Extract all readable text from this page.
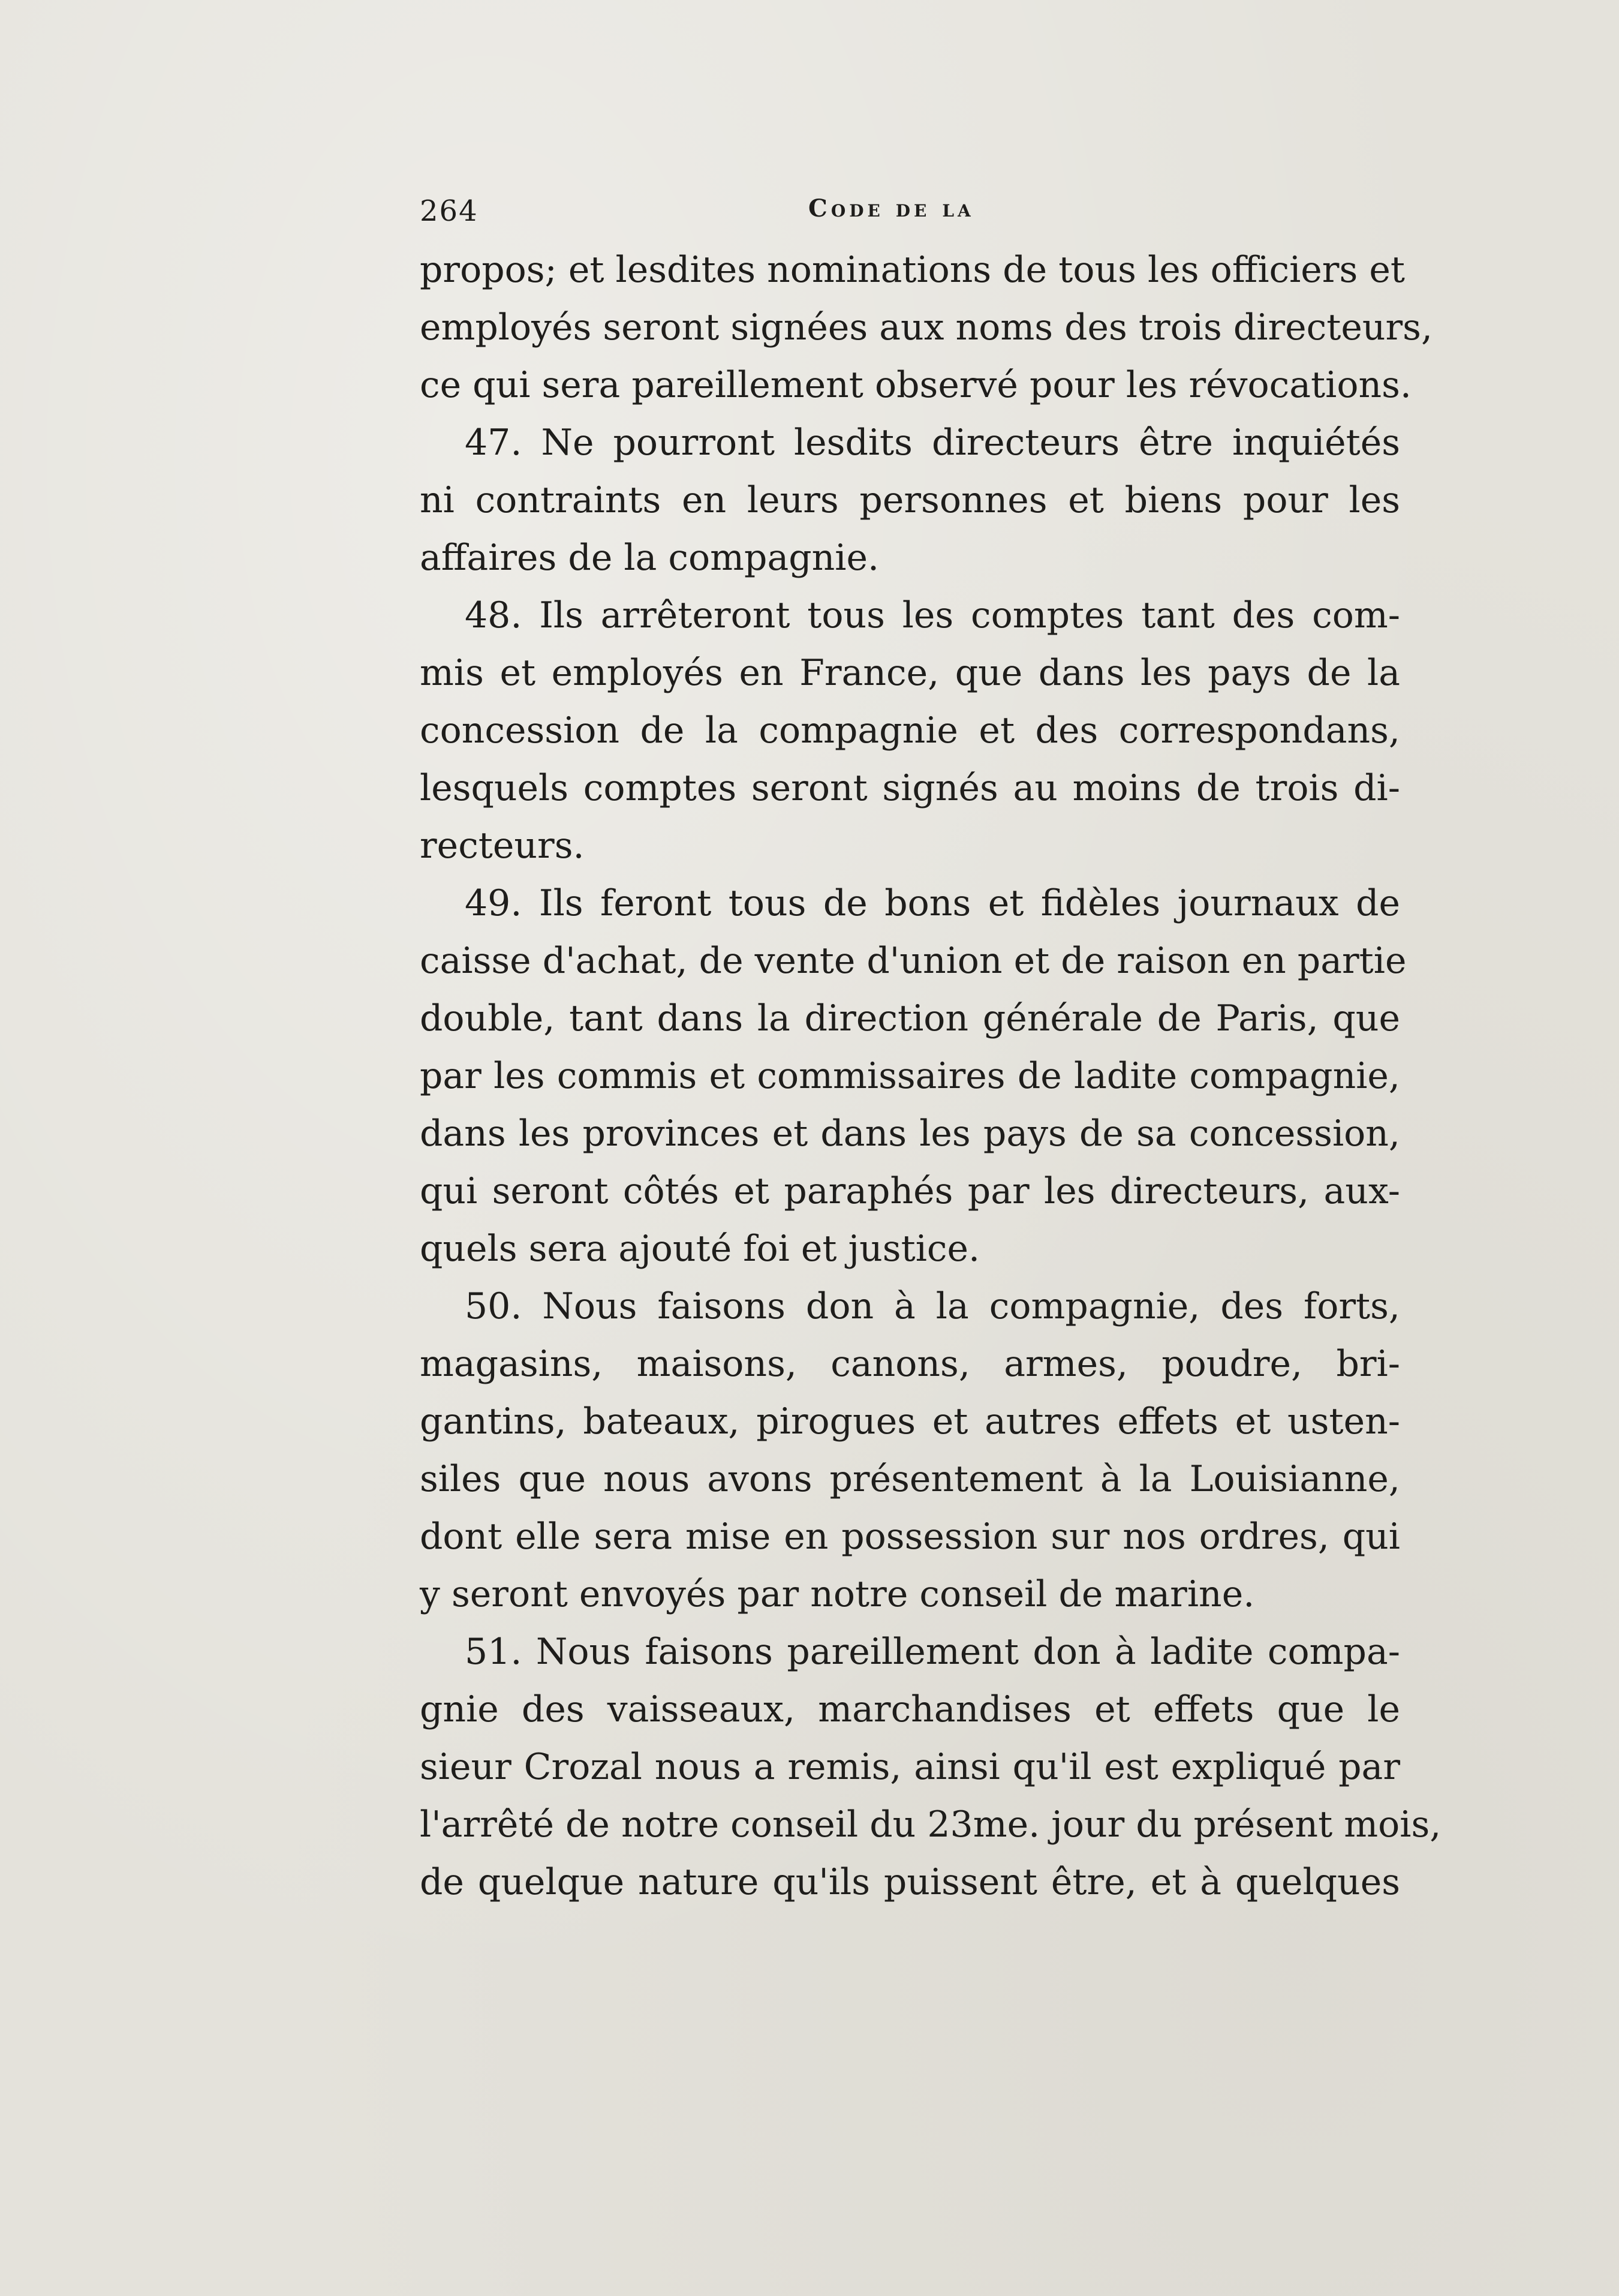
264	Code de la
propos; et lesdites nominations de tous les officiers et
employés seront signées aux noms des trois directeurs,
ce qui sera pareillement observé pour les révocations.
47. Ne pourront lesdits directeurs être inquiétés
ni contraints en leurs personnes et biens pour les
affaires de la compagnie.
48. Ils arrêteront tous les comptes tant des com-
mis et employés en France, que dans les pays de la
concession de la compagnie et des correspondans,
lesquels comptes seront signés au moins de trois di-
recteurs.
49. Ils feront tous de bons et fidèles journaux de
caisse d'achat, de vente d'union et de raison en partie
double, tant dans la direction générale de Paris, que
par les commis et commissaires de ladite compagnie,
dans les provinces et dans les pays de sa concession,
qui seront côtés et paraphés par les directeurs, aux-
quels sera ajouté foi et justice.
50. Nous faisons don à la compagnie, des forts,
magasins, maisons, canons, armes, poudre, bri-
gantins, bateaux, pirogues et autres effets et usten-
siles que nous avons présentement à la Louisianne,
dont elle sera mise en possession sur nos ordres, qui
y seront envoyés par notre conseil de marine.
51. Nous faisons pareillement don à ladite compa-
gnie des vaisseaux, marchandises et effets que le
sieur Crozal nous a remis, ainsi qu'il est expliqué par
l'arrêté de notre conseil du 23me. jour du présent mois,
de quelque nature qu'ils puissent être, et à quelques
